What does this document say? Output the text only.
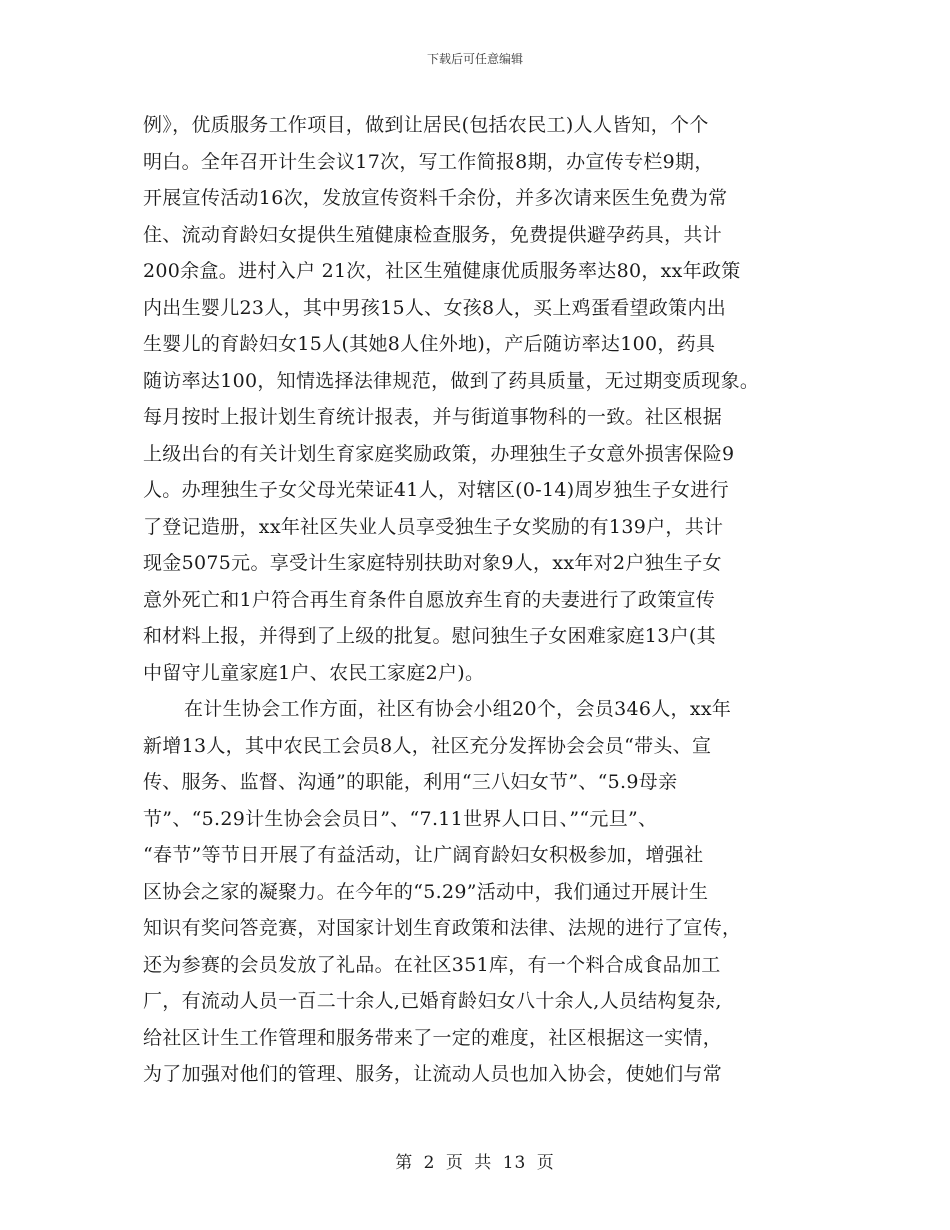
下载后可任意编辑
例》，优质服务工作项目，做到让居民(包括农民工)人人皆知，个个
明白。全年召开计生会议17次，写工作简报8期，办宣传专栏9期，
开展宣传活动16次，发放宣传资料千余份，并多次请来医生免费为常
住、流动育龄妇女提供生殖健康检查服务，免费提供避孕药具，共计
200余盒。进村入户 21次，社区生殖健康优质服务率达80，xx年政策
内出生婴儿23人，其中男孩15人、女孩8人，买上鸡蛋看望政策内出
生婴儿的育龄妇女15人(其她8人住外地)，产后随访率达100，药具
随访率达100，知情选择法律规范，做到了药具质量，无过期变质现象。
每月按时上报计划生育统计报表，并与街道事物科的一致。社区根据
上级出台的有关计划生育家庭奖励政策，办理独生子女意外损害保险9
人。办理独生子女父母光荣证41人，对辖区(0-14)周岁独生子女进行
了登记造册，xx年社区失业人员享受独生子女奖励的有139户，共计
现金5075元。享受计生家庭特别扶助对象9人，xx年对2户独生子女
意外死亡和1户符合再生育条件自愿放弃生育的夫妻进行了政策宣传
和材料上报，并得到了上级的批复。慰问独生子女困难家庭13户(其
中留守儿童家庭1户、农民工家庭2户)。
在计生协会工作方面，社区有协会小组20个，会员346人，xx年
新增13人，其中农民工会员8人，社区充分发挥协会会员“带头、宣
传、服务、监督、沟通”的职能，利用“三八妇女节”、“5.9母亲
节”、“5.29计生协会会员日”、“7.11世界人口日、”“元旦”、
“春节”等节日开展了有益活动，让广阔育龄妇女积极参加，增强社
区协会之家的凝聚力。在今年的“5.29”活动中，我们通过开展计生
知识有奖问答竞赛，对国家计划生育政策和法律、法规的进行了宣传，
还为参赛的会员发放了礼品。在社区351库，有一个料合成食品加工
厂，有流动人员一百二十余人,已婚育龄妇女八十余人,人员结构复杂,
给社区计生工作管理和服务带来了一定的难度，社区根据这一实情，
为了加强对他们的管理、服务，让流动人员也加入协会，使她们与常
第 2 页 共 13 页
